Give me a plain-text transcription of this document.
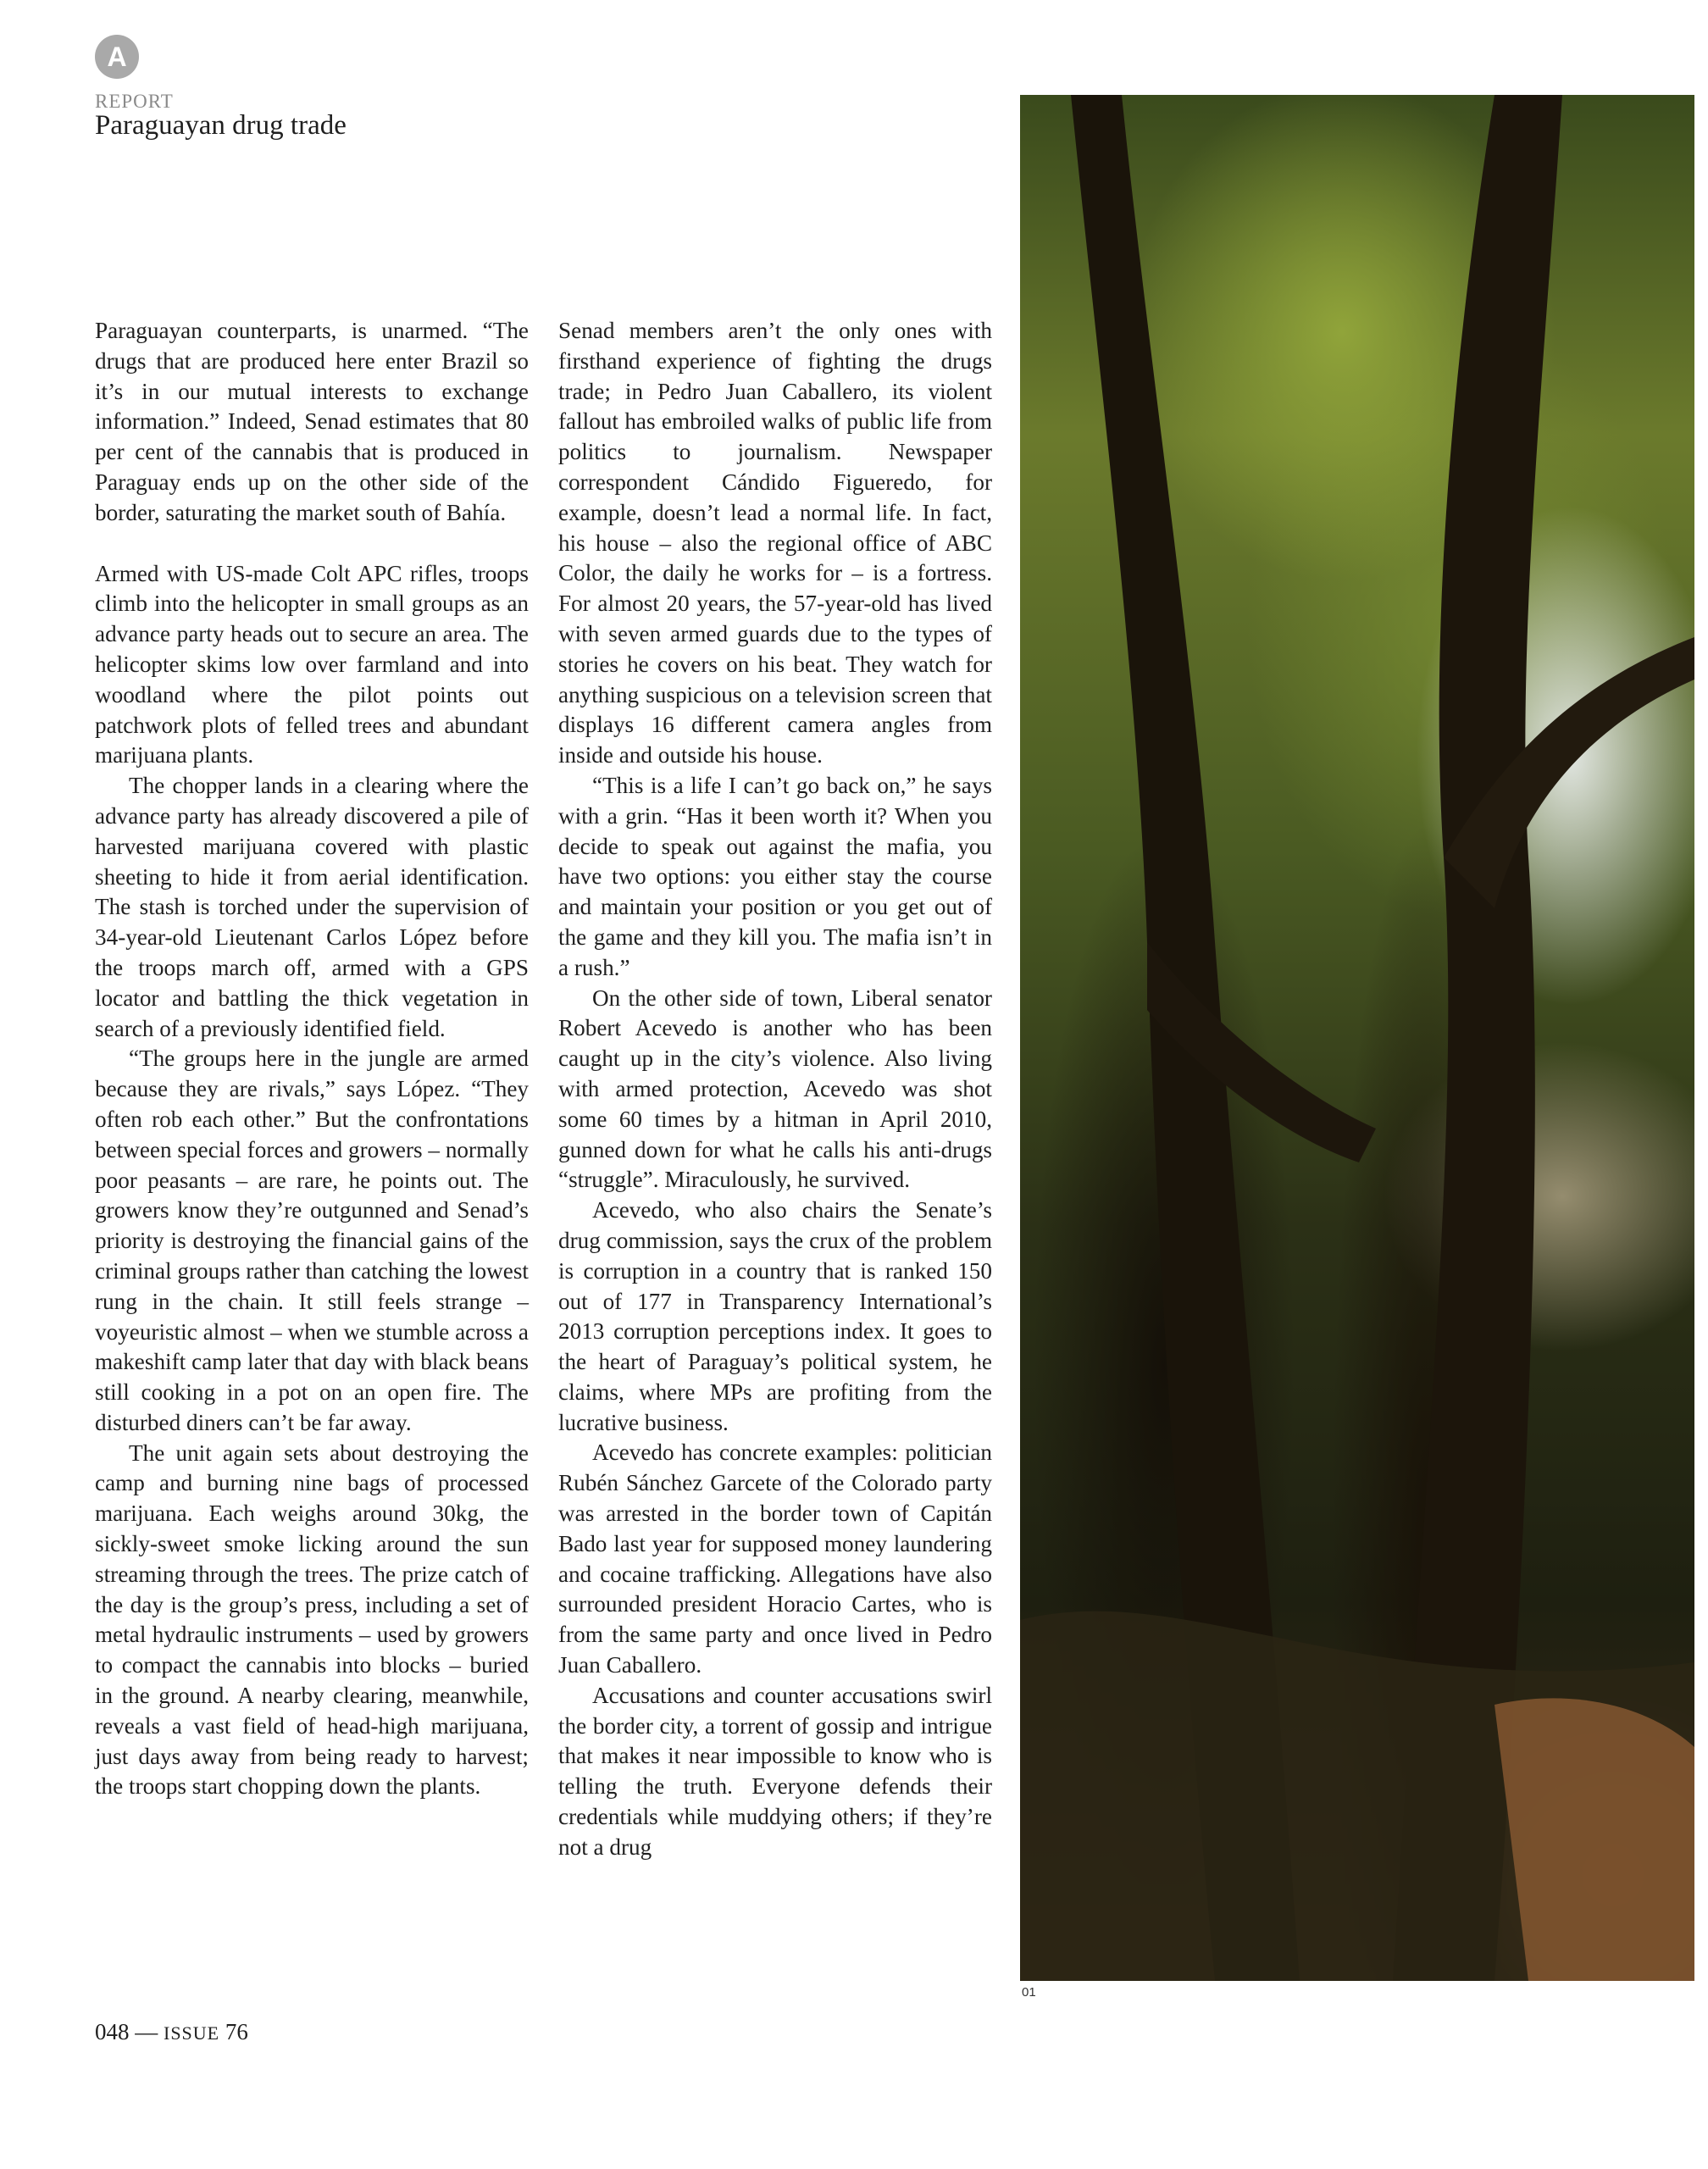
A
REPORT
Paraguayan drug trade

Paraguayan counterparts, is unarmed. “The drugs that are produced here enter Brazil so it’s in our mutual interests to exchange information.” Indeed, Senad estimates that 80 per cent of the cannabis that is produced in Paraguay ends up on the other side of the border, saturating the market south of Bahía.

Armed with US-made Colt APC rifles, troops climb into the helicopter in small groups as an advance party heads out to secure an area. The helicopter skims low over farmland and into woodland where the pilot points out patchwork plots of felled trees and abundant marijuana plants.

The chopper lands in a clearing where the advance party has already discovered a pile of harvested marijuana covered with plastic sheeting to hide it from aerial identification. The stash is torched under the supervision of 34-year-old Lieutenant Carlos López before the troops march off, armed with a GPS locator and battling the thick vegetation in search of a previously identified field.

“The groups here in the jungle are armed because they are rivals,” says López. “They often rob each other.” But the confrontations between special forces and growers – normally poor peasants – are rare, he points out. The growers know they’re outgunned and Senad’s priority is destroying the financial gains of the criminal groups rather than catching the lowest rung in the chain. It still feels strange – voyeuristic almost – when we stumble across a makeshift camp later that day with black beans still cooking in a pot on an open fire. The disturbed diners can’t be far away.

The unit again sets about destroying the camp and burning nine bags of processed marijuana. Each weighs around 30kg, the sickly-sweet smoke licking around the sun streaming through the trees. The prize catch of the day is the group’s press, including a set of metal hydraulic instruments – used by growers to compact the cannabis into blocks – buried in the ground. A nearby clearing, meanwhile, reveals a vast field of head-high marijuana, just days away from being ready to harvest; the troops start chopping down the plants.

Senad members aren’t the only ones with firsthand experience of fighting the drugs trade; in Pedro Juan Caballero, its violent fallout has embroiled walks of public life from politics to journalism. Newspaper correspondent Cándido Figueredo, for example, doesn’t lead a normal life. In fact, his house – also the regional office of ABC Color, the daily he works for – is a fortress. For almost 20 years, the 57-year-old has lived with seven armed guards due to the types of stories he covers on his beat. They watch for anything suspicious on a television screen that displays 16 different camera angles from inside and outside his house.

“This is a life I can’t go back on,” he says with a grin. “Has it been worth it? When you decide to speak out against the mafia, you have two options: you either stay the course and maintain your position or you get out of the game and they kill you. The mafia isn’t in a rush.”

On the other side of town, Liberal senator Robert Acevedo is another who has been caught up in the city’s violence. Also living with armed protection, Acevedo was shot some 60 times by a hitman in April 2010, gunned down for what he calls his anti-drugs “struggle”. Miraculously, he survived.

Acevedo, who also chairs the Senate’s drug commission, says the crux of the problem is corruption in a country that is ranked 150 out of 177 in Transparency International’s 2013 corruption perceptions index. It goes to the heart of Paraguay’s political system, he claims, where MPs are profiting from the lucrative business.

Acevedo has concrete examples: politician Rubén Sánchez Garcete of the Colorado party was arrested in the border town of Capitán Bado last year for supposed money laundering and cocaine trafficking. Allegations have also surrounded president Horacio Cartes, who is from the same party and once lived in Pedro Juan Caballero.

Accusations and counter accusations swirl the border city, a torrent of gossip and intrigue that makes it near impossible to know who is telling the truth. Everyone defends their credentials while muddying others; if they’re not a drug

01
048 — ISSUE 76
